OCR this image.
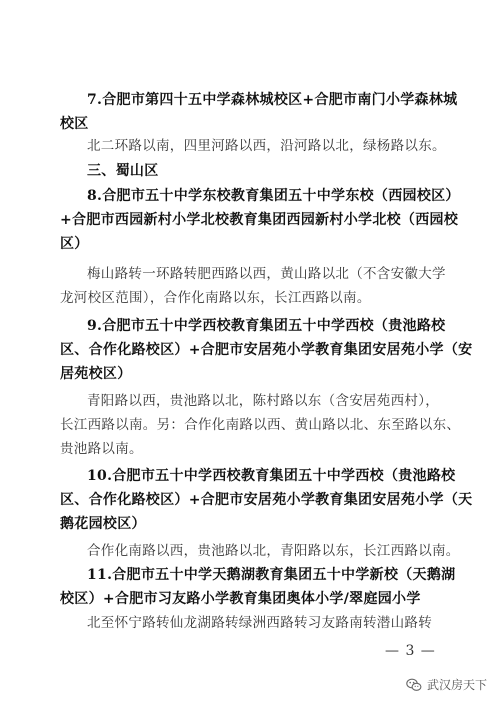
7.合肥市第四十五中学森林城校区+合肥市南门小学森林城
校区
北二环路以南，四里河路以西，沿河路以北，绿杨路以东。
三、蜀山区
8.合肥市五十中学东校教育集团五十中学东校（西园校区）
+合肥市西园新村小学北校教育集团西园新村小学北校（西园校
区）
梅山路转一环路转肥西路以西，黄山路以北（不含安徽大学
龙河校区范围），合作化南路以东，长江西路以南。
9.合肥市五十中学西校教育集团五十中学西校（贵池路校
区、合作化路校区）+合肥市安居苑小学教育集团安居苑小学（安
居苑校区）
青阳路以西，贵池路以北，陈村路以东（含安居苑西村），
长江西路以南。另：合作化南路以西、黄山路以北、东至路以东、
贵池路以南。
10.合肥市五十中学西校教育集团五十中学西校（贵池路校
区、合作化路校区）+合肥市安居苑小学教育集团安居苑小学（天
鹅花园校区）
合作化南路以西，贵池路以北，青阳路以东，长江西路以南。
11.合肥市五十中学天鹅湖教育集团五十中学新校（天鹅湖
校区）+合肥市习友路小学教育集团奥体小学/翠庭园小学
北至怀宁路转仙龙湖路转绿洲西路转习友路南转潜山路转
— 3 —
武汉房天下
